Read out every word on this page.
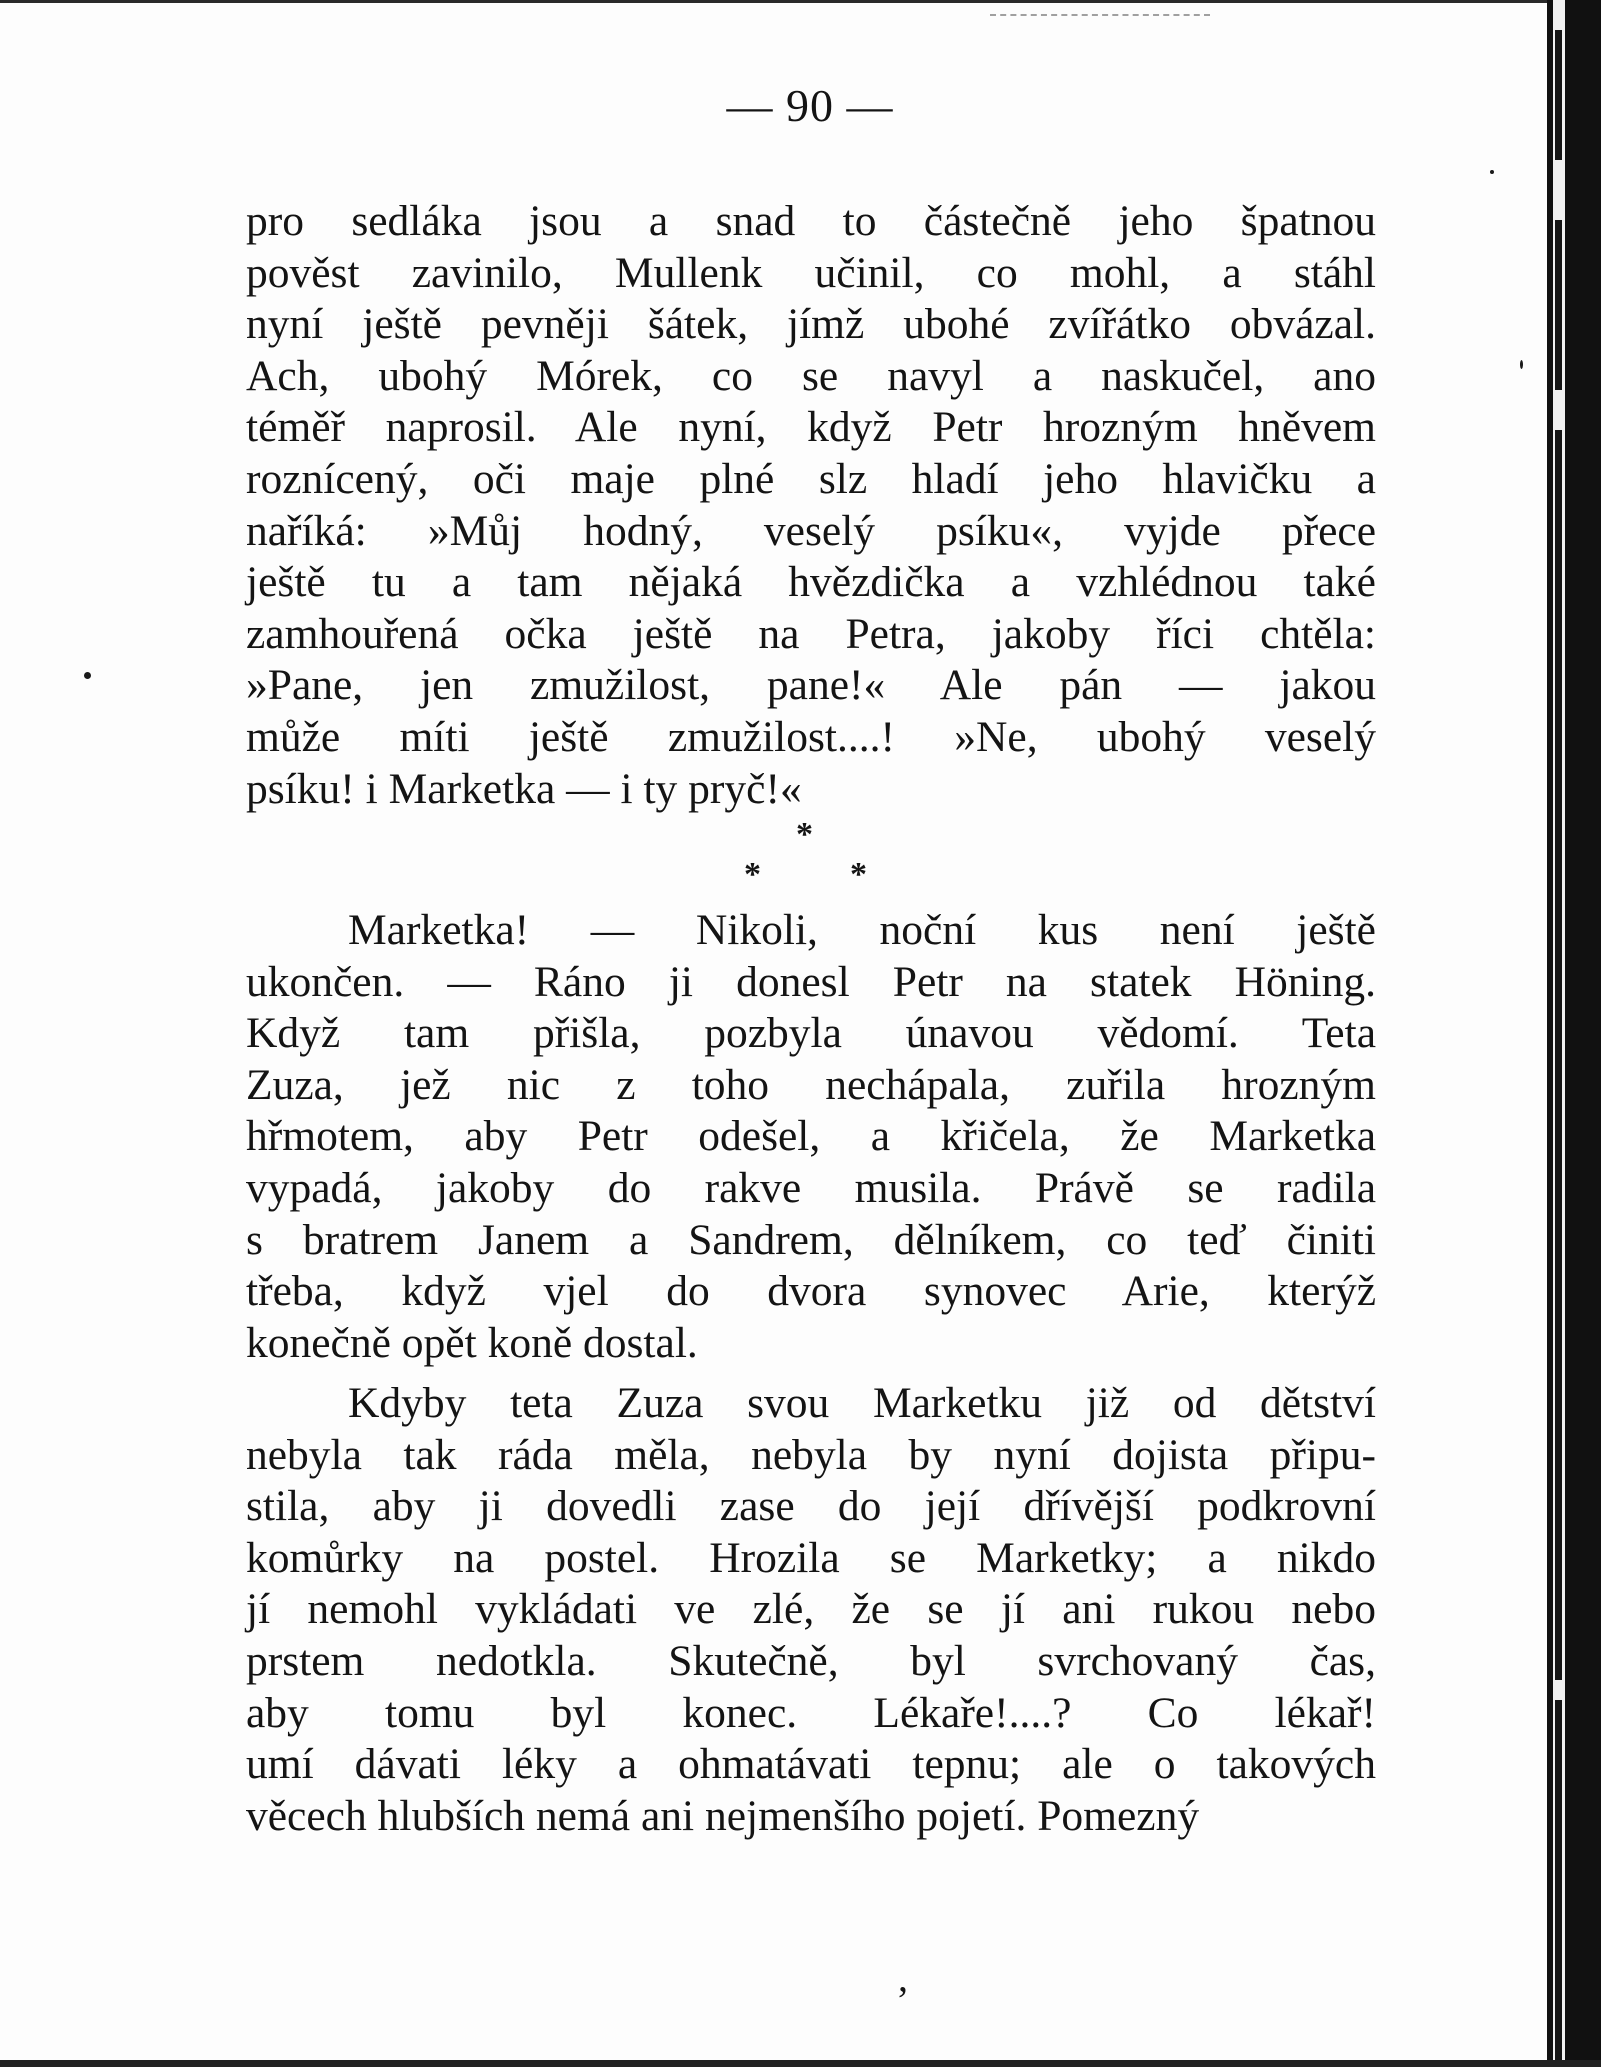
— 90 —
pro sedláka jsou a snad to částečně jeho špatnou
pověst zavinilo, Mullenk učinil, co mohl, a stáhl
nyní ještě pevněji šátek, jímž ubohé zvířátko obvázal.
Ach, ubohý Mórek, co se navyl a naskučel, ano
téměř naprosil. Ale nyní, když Petr hrozným hněvem
roznícený, oči maje plné slz hladí jeho hlavičku a
naříká: »Můj hodný, veselý psíku«, vyjde přece
ještě tu a tam nějaká hvězdička a vzhlédnou také
zamhouřená očka ještě na Petra, jakoby říci chtěla:
»Pane, jen zmužilost, pane!« Ale pán — jakou
může míti ještě zmužilost....! »Ne, ubohý veselý
psíku! i Marketka — i ty pryč!«
*
*	*
Marketka! — Nikoli, noční kus není ještě
ukončen. — Ráno ji donesl Petr na statek Höning.
Když tam přišla, pozbyla únavou vědomí. Teta
Zuza, jež nic z toho nechápala, zuřila hrozným
hřmotem, aby Petr odešel, a křičela, že Marketka
vypadá, jakoby do rakve musila. Právě se radila
s bratrem Janem a Sandrem, dělníkem, co teď činiti
třeba, když vjel do dvora synovec Arie, kterýž
konečně opět koně dostal.
Kdyby teta Zuza svou Marketku již od dětství
nebyla tak ráda měla, nebyla by nyní dojista připu-
stila, aby ji dovedli zase do její dřívější podkrovní
komůrky na postel. Hrozila se Marketky; a nikdo
jí nemohl vykládati ve zlé, že se jí ani rukou nebo
prstem nedotkla. Skutečně, byl svrchovaný čas,
aby tomu byl konec. Lékaře!....? Co lékař!
umí dávati léky a ohmatávati tepnu; ale o takových
věcech hlubších nemá ani nejmenšího pojetí. Pomezný
,
